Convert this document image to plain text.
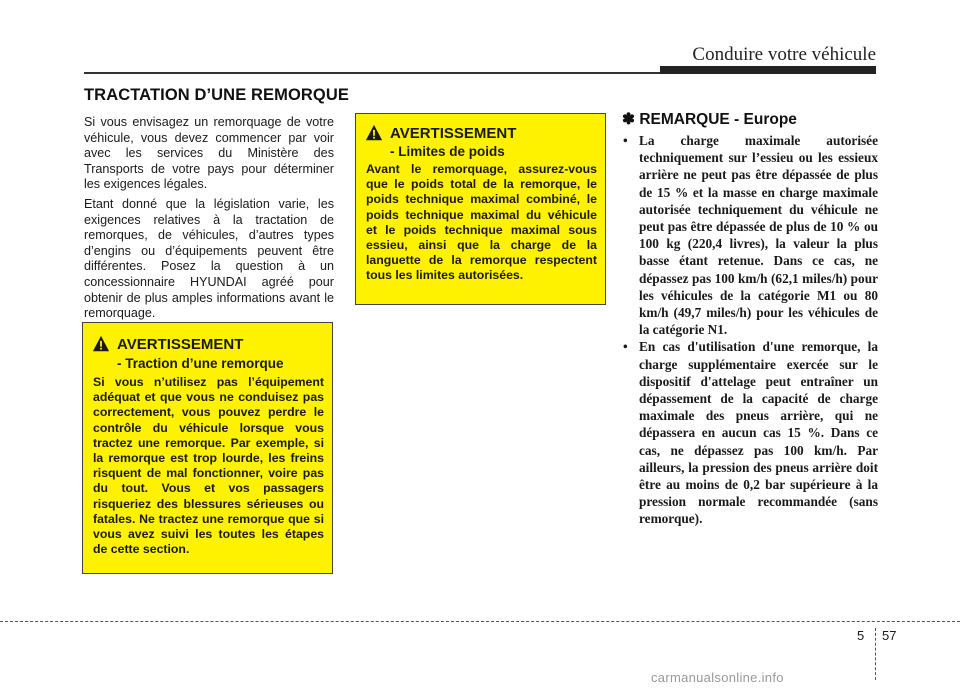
Conduire votre véhicule
TRACTATION D’UNE REMORQUE

Si vous envisagez un remorquage de votre véhicule, vous devez commencer par voir avec les services du Ministère des Transports de votre pays pour déterminer les exigences légales.

Etant donné que la législation varie, les exigences relatives à la tractation de remorques, de véhicules, d’autres types d’engins ou d’équipements peuvent être différentes. Posez la question à un concessionnaire HYUNDAI agréé pour obtenir de plus amples informations avant le remorquage.

AVERTISSEMENT
- Limites de poids
Avant le remorquage, assurez-vous que le poids total de la remorque, le poids technique maximal combiné, le poids technique maximal du véhicule et le poids technique maximal sous essieu, ainsi que la charge de la languette de la remorque respectent tous les limites autorisées.
AVERTISSEMENT
- Traction d’une remorque
Si vous n’utilisez pas l’équipement adéquat et que vous ne conduisez pas correctement, vous pouvez perdre le contrôle du véhicule lorsque vous tractez une remorque. Par exemple, si la remorque est trop lourde, les freins risquent de mal fonctionner, voire pas du tout. Vous et vos passagers risqueriez des blessures sérieuses ou fatales. Ne tractez une remorque que si vous avez suivi les toutes les étapes de cette section.
✽ REMARQUE - Europe
• La charge maximale autorisée techniquement sur l’essieu ou les essieux arrière ne peut pas être dépassée de plus de 15 % et la masse en charge maximale autorisée techniquement du véhicule ne peut pas être dépassée de plus de 10 % ou 100 kg (220,4 livres), la valeur la plus basse étant retenue. Dans ce cas, ne dépassez pas 100 km/h (62,1 miles/h) pour les véhicules de la catégorie M1 ou 80 km/h (49,7 miles/h) pour les véhicules de la catégorie N1.
• En cas d'utilisation d'une remorque, la charge supplémentaire exercée sur le dispositif d'attelage peut entraîner un dépassement de la capacité de charge maximale des pneus arrière, qui ne dépassera en aucun cas 15 %. Dans ce cas, ne dépassez pas 100 km/h. Par ailleurs, la pression des pneus arrière doit être au moins de 0,2 bar supérieure à la pression normale recommandée (sans remorque).
5 57
carmanualsonline.info
